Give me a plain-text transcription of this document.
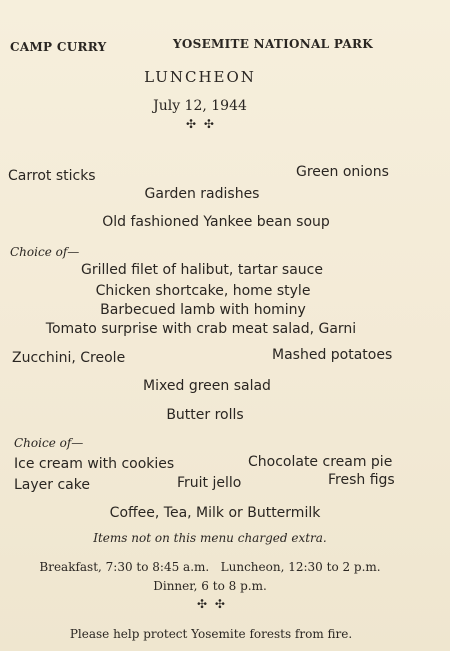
CAMP CURRY	YOSEMITE NATIONAL PARK
LUNCHEON
July 12, 1944
✣ ✣
Carrot sticks	Green onions
Garden radishes
Old fashioned Yankee bean soup
Choice of—
Grilled filet of halibut, tartar sauce
Chicken shortcake, home style
Barbecued lamb with hominy
Tomato surprise with crab meat salad, Garni
Zucchini, Creole	Mashed potatoes
Mixed green salad
Butter rolls
Choice of—
Ice cream with cookies	Chocolate cream pie
Layer cake	Fruit jello	Fresh figs
Coffee, Tea, Milk or Buttermilk
Items not on this menu charged extra.
Breakfast, 7:30 to 8:45 a.m.   Luncheon, 12:30 to 2 p.m.
Dinner, 6 to 8 p.m.
✣ ✣
Please help protect Yosemite forests from fire.
